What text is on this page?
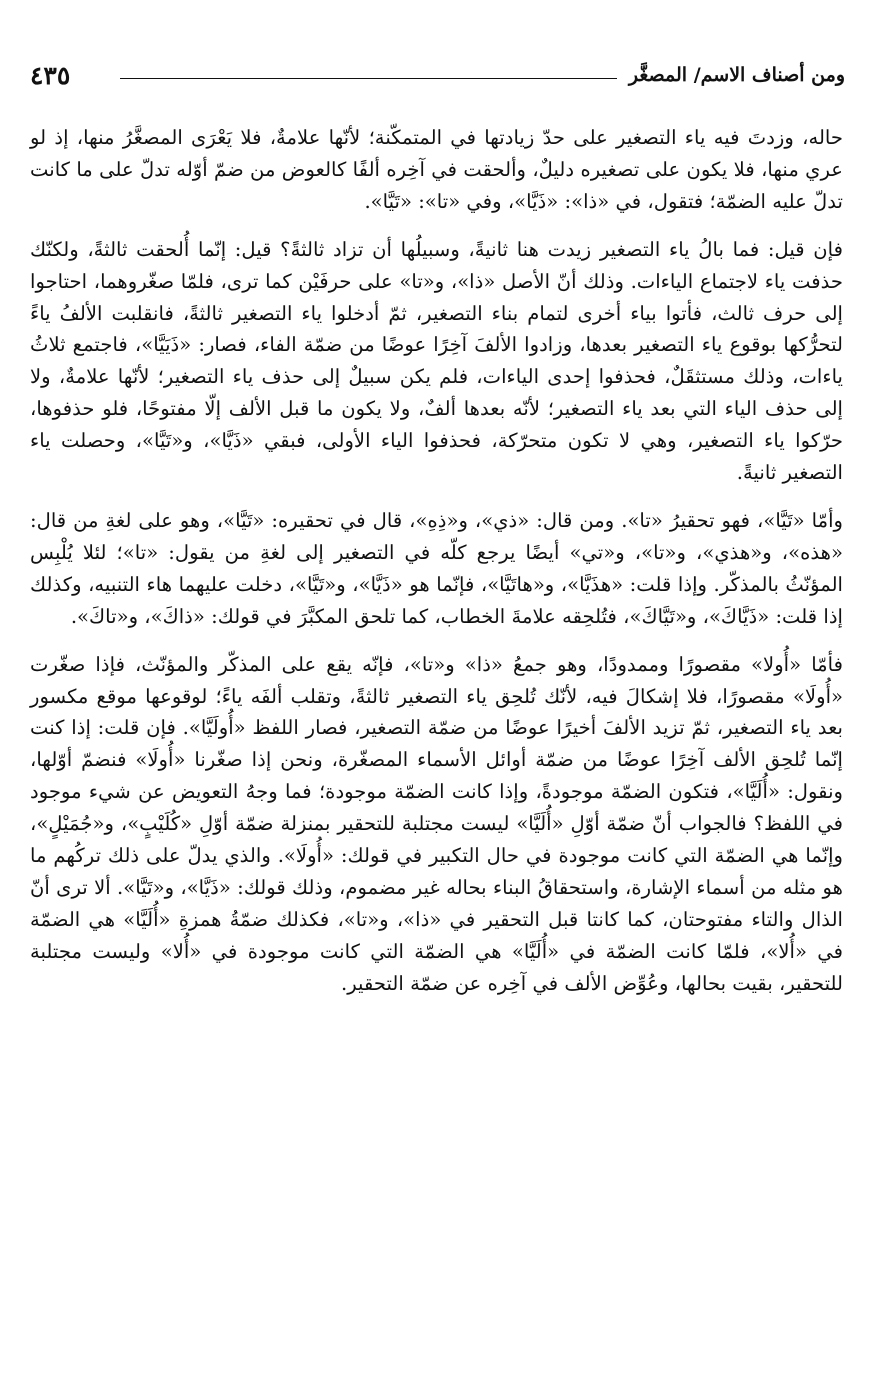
٤٣٥	ومن أصناف الاسم/ المصغَّر

حاله، وزدتَ فيه ياء التصغير على حدّ زيادتها في المتمكّنة؛ لأنّها علامةٌ، فلا يَعْرَى المصغَّرُ منها، إذ لو عري منها، فلا يكون على تصغيره دليلٌ، وألحقت في آخِره ألفًا كالعوض من ضمّ أوّله تدلّ على ما كانت تدلّ عليه الضمّة؛ فتقول، في «ذا»: «ذَيَّا»، وفي «تا»: «تَيَّا».

فإن قيل: فما بالُ ياء التصغير زيدت هنا ثانيةً، وسبيلُها أن تزاد ثالثةً؟ قيل: إنّما أُلحقت ثالثةً، ولكنّك حذفت ياء لاجتماع الياءات. وذلك أنّ الأصل «ذا»، و«تا» على حرفَيْن كما ترى، فلمّا صغّروهما، احتاجوا إلى حرف ثالث، فأتوا بياء أخرى لتمام بناء التصغير، ثمّ أدخلوا ياء التصغير ثالثةً، فانقلبت الألفُ ياءً لتحرُّكها بوقوع ياء التصغير بعدها، وزادوا الألفَ آخِرًا عوضًا من ضمّة الفاء، فصار: «ذَيَيَّا»، فاجتمع ثلاثُ ياءات، وذلك مستثقَلٌ، فحذفوا إحدى الياءات، فلم يكن سبيلٌ إلى حذف ياء التصغير؛ لأنّها علامةٌ، ولا إلى حذف الياء التي بعد ياء التصغير؛ لأنّه بعدها ألفٌ، ولا يكون ما قبل الألف إلّا مفتوحًا، فلو حذفوها، حرّكوا ياء التصغير، وهي لا تكون متحرّكة، فحذفوا الياء الأولى، فبقي «ذَيَّا»، و«تَيَّا»، وحصلت ياء التصغير ثانيةً.

وأمّا «تَيَّا»، فهو تحقيرُ «تا». ومن قال: «ذي»، و«ذِهِ»، قال في تحقيره: «تَيَّا»، وهو على لغةِ من قال: «هذه»، و«هذي»، و«تا»، و«تي» أيضًا يرجع كلّه في التصغير إلى لغةِ من يقول: «تا»؛ لئلا يُلْبِس المؤنّثُ بالمذكّر. وإذا قلت: «هذَيَّا»، و«هاتَيَّا»، فإنّما هو «ذَيَّا»، و«تَيَّا»، دخلت عليهما هاء التنبيه، وكذلك إذا قلت: «ذَيَّاكَ»، و«تَيَّاكَ»، فتُلحِقه علامةَ الخطاب، كما تلحق المكبَّرَ في قولك: «ذاكَ»، و«تاكَ».

فأمّا «أُولا» مقصورًا وممدودًا، وهو جمعُ «ذا» و«تا»، فإنّه يقع على المذكّر والمؤنّث، فإذا صغّرت «أُولَا» مقصورًا، فلا إشكالَ فيه، لأنّك تُلحِق ياء التصغير ثالثةً، وتقلب ألفَه ياءً؛ لوقوعها موقع مكسور بعد ياء التصغير، ثمّ تزيد الألفَ أخيرًا عوضًا من ضمّة التصغير، فصار اللفظ «أُولَيَّا». فإن قلت: إذا كنت إنّما تُلحِق الألف آخِرًا عوضًا من ضمّة أوائل الأسماء المصغّرة، ونحن إذا صغّرنا «أُولَا» فنضمّ أوّلها، ونقول: «أُلَيَّا»، فتكون الضمّة موجودةً، وإذا كانت الضمّة موجودة؛ فما وجهُ التعويض عن شيء موجود في اللفظ؟ فالجواب أنّ ضمّة أوّلِ «أُلَيَّا» ليست مجتلبة للتحقير بمنزلة ضمّة أوّلِ «كُلَيْبٍ»، و«جُمَيْلٍ»، وإنّما هي الضمّة التي كانت موجودة في حال التكبير في قولك: «أُولَا». والذي يدلّ على ذلك تركُهم ما هو مثله من أسماء الإشارة، واستحقاقُ البناء بحاله غير مضموم، وذلك قولك: «ذَيَّا»، و«تَيَّا». ألا ترى أنّ الذال والتاء مفتوحتان، كما كانتا قبل التحقير في «ذا»، و«تا»، فكذلك ضمّةُ همزةِ «أُلَيَّا» هي الضمّة في «أُلا»، فلمّا كانت الضمّة في «أُلَيَّا» هي الضمّة التي كانت موجودة في «أُلا» وليست مجتلبة للتحقير، بقيت بحالها، وعُوِّض الألف في آخِره عن ضمّة التحقير.
